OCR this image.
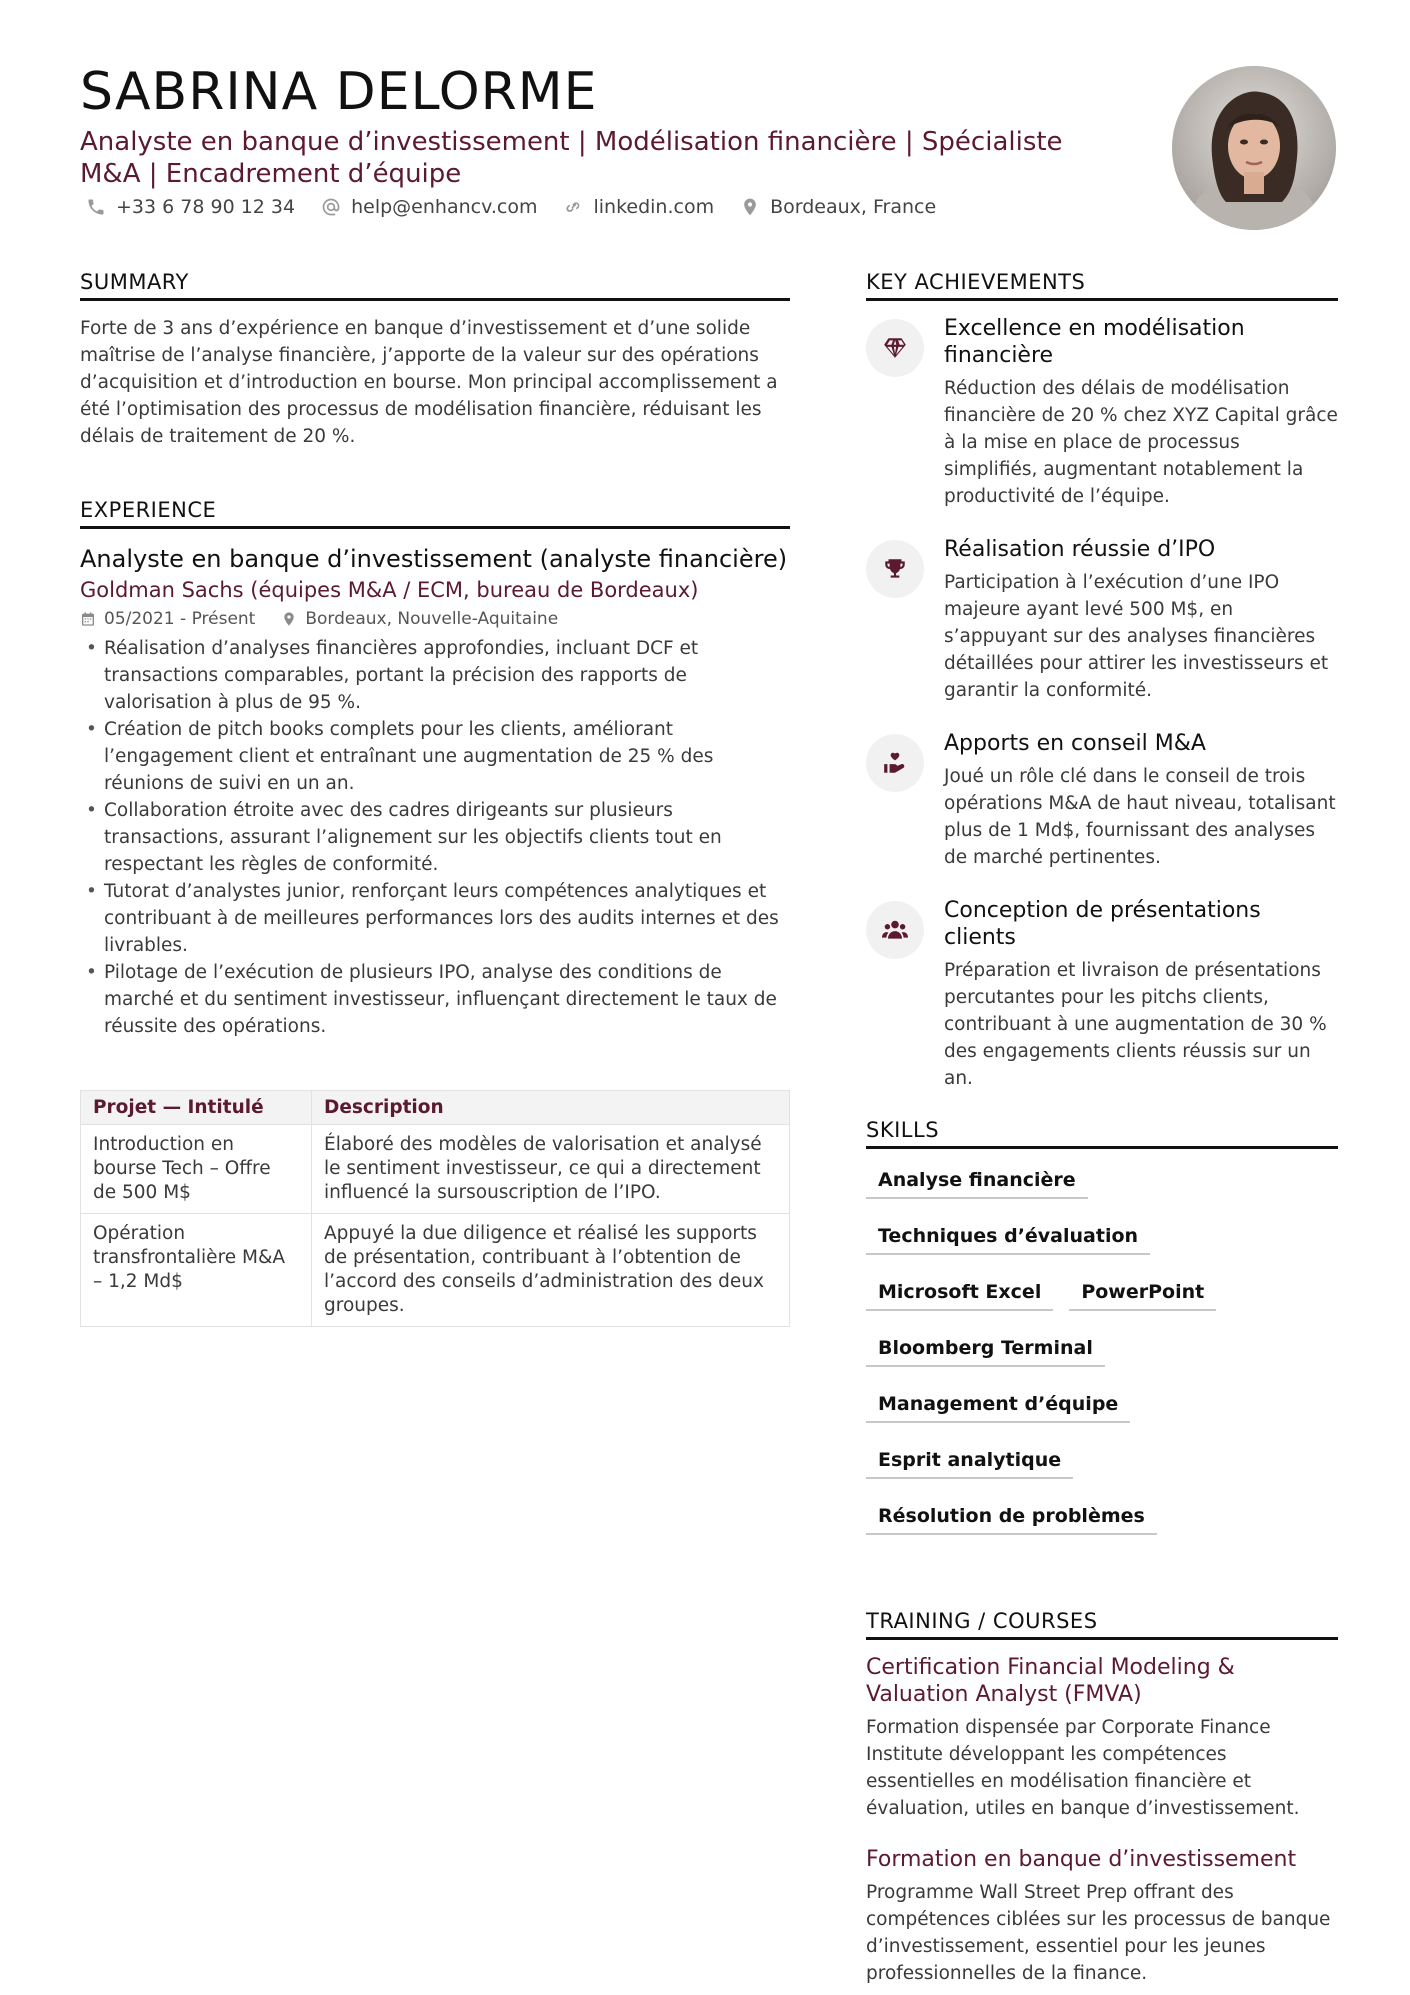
SABRINA DELORME
Analyste en banque d’investissement | Modélisation financière | Spécialiste M&A | Encadrement d’équipe
+33 6 78 90 12 34	help@enhancv.com	linkedin.com	Bordeaux, France
SUMMARY
Forte de 3 ans d’expérience en banque d’investissement et d’une solide maîtrise de l’analyse financière, j’apporte de la valeur sur des opérations d’acquisition et d’introduction en bourse. Mon principal accomplissement a été l’optimisation des processus de modélisation financière, réduisant les délais de traitement de 20 %.
EXPERIENCE
Analyste en banque d’investissement (analyste financière)
Goldman Sachs (équipes M&A / ECM, bureau de Bordeaux)
05/2021 - Présent	Bordeaux, Nouvelle-Aquitaine
• Réalisation d’analyses financières approfondies, incluant DCF et transactions comparables, portant la précision des rapports de valorisation à plus de 95 %.
• Création de pitch books complets pour les clients, améliorant l’engagement client et entraînant une augmentation de 25 % des réunions de suivi en un an.
• Collaboration étroite avec des cadres dirigeants sur plusieurs transactions, assurant l’alignement sur les objectifs clients tout en respectant les règles de conformité.
• Tutorat d’analystes junior, renforçant leurs compétences analytiques et contribuant à de meilleures performances lors des audits internes et des livrables.
• Pilotage de l’exécution de plusieurs IPO, analyse des conditions de marché et du sentiment investisseur, influençant directement le taux de réussite des opérations.
Projet — Intitulé	Description
Introduction en bourse Tech – Offre de 500 M$	Élaboré des modèles de valorisation et analysé le sentiment investisseur, ce qui a directement influencé la sursouscription de l’IPO.
Opération transfrontalière M&A – 1,2 Md$	Appuyé la due diligence et réalisé les supports de présentation, contribuant à l’obtention de l’accord des conseils d’administration des deux groupes.
KEY ACHIEVEMENTS
Excellence en modélisation financière
Réduction des délais de modélisation financière de 20 % chez XYZ Capital grâce à la mise en place de processus simplifiés, augmentant notablement la productivité de l’équipe.
Réalisation réussie d’IPO
Participation à l’exécution d’une IPO majeure ayant levé 500 M$, en s’appuyant sur des analyses financières détaillées pour attirer les investisseurs et garantir la conformité.
Apports en conseil M&A
Joué un rôle clé dans le conseil de trois opérations M&A de haut niveau, totalisant plus de 1 Md$, fournissant des analyses de marché pertinentes.
Conception de présentations clients
Préparation et livraison de présentations percutantes pour les pitchs clients, contribuant à une augmentation de 30 % des engagements clients réussis sur un an.
SKILLS
Analyse financière
Techniques d’évaluation
Microsoft Excel	PowerPoint
Bloomberg Terminal
Management d’équipe
Esprit analytique
Résolution de problèmes
TRAINING / COURSES
Certification Financial Modeling & Valuation Analyst (FMVA)
Formation dispensée par Corporate Finance Institute développant les compétences essentielles en modélisation financière et évaluation, utiles en banque d’investissement.
Formation en banque d’investissement
Programme Wall Street Prep offrant des compétences ciblées sur les processus de banque d’investissement, essentiel pour les jeunes professionnelles de la finance.
